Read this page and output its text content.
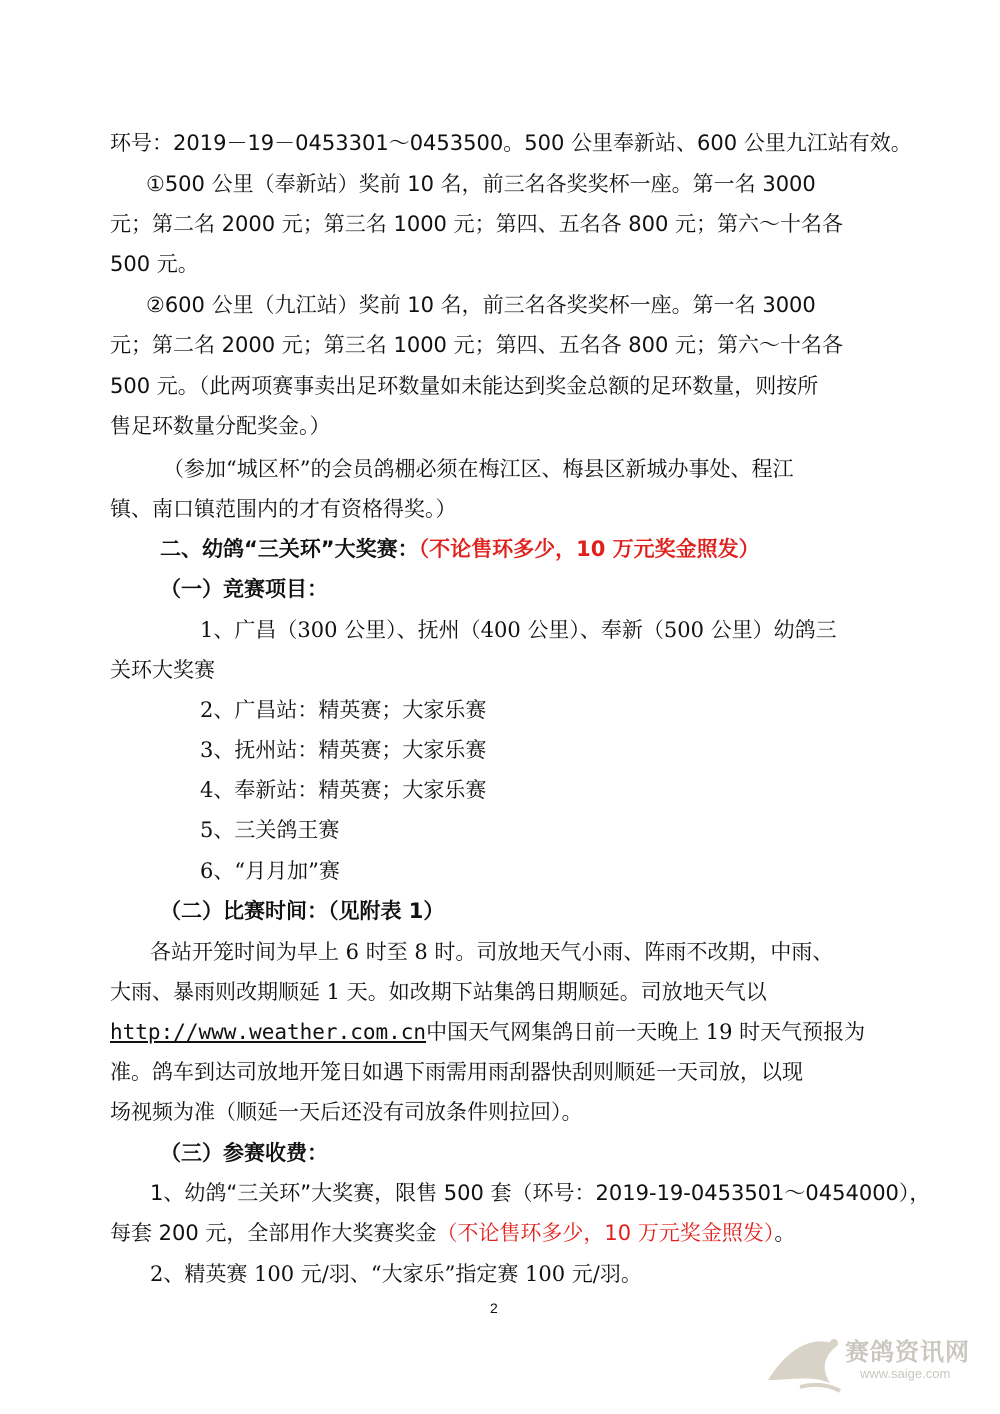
环号：2019－19－0453301～0453500。500 公里奉新站、600 公里九江站有效。
①500 公里（奉新站）奖前 10 名，前三名各奖奖杯一座。第一名 3000
元；第二名 2000 元；第三名 1000 元；第四、五名各 800 元；第六～十名各
500 元。
②600 公里（九江站）奖前 10 名，前三名各奖奖杯一座。第一名 3000
元；第二名 2000 元；第三名 1000 元；第四、五名各 800 元；第六～十名各
500 元。（此两项赛事卖出足环数量如未能达到奖金总额的足环数量，则按所
售足环数量分配奖金。）
（参加“城区杯”的会员鸽棚必须在梅江区、梅县区新城办事处、程江
镇、南口镇范围内的才有资格得奖。）
二、幼鸽“三关环”大奖赛：（不论售环多少，10 万元奖金照发）
（一）竞赛项目：
1、广昌（300 公里）、抚州（400 公里）、奉新（500 公里）幼鸽三
关环大奖赛
2、广昌站：精英赛；大家乐赛
3、抚州站：精英赛；大家乐赛
4、奉新站：精英赛；大家乐赛
5、三关鸽王赛
6、“月月加”赛
（二）比赛时间：（见附表 1）
各站开笼时间为早上 6 时至 8 时。司放地天气小雨、阵雨不改期，中雨、
大雨、暴雨则改期顺延 1 天。如改期下站集鸽日期顺延。司放地天气以
http://www.weather.com.cn中国天气网集鸽日前一天晚上 19 时天气预报为
准。鸽车到达司放地开笼日如遇下雨需用雨刮器快刮则顺延一天司放，以现
场视频为准（顺延一天后还没有司放条件则拉回）。
（三）参赛收费：
1、幼鸽“三关环”大奖赛，限售 500 套（环号：2019-19-0453501～0454000），
每套 200 元，全部用作大奖赛奖金（不论售环多少，10 万元奖金照发）。
2、精英赛 100 元/羽、“大家乐”指定赛 100 元/羽。
2
赛鸽资讯网
www.saige.com
